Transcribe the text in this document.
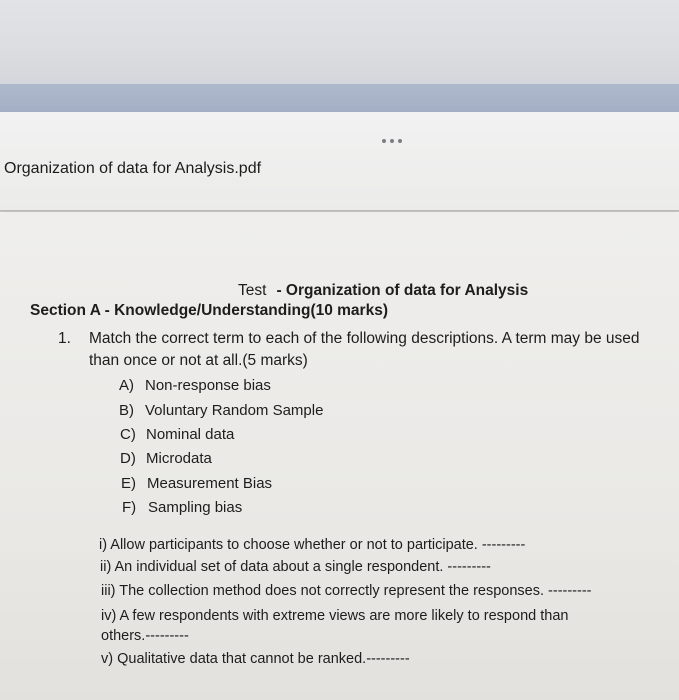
Organization of data for Analysis.pdf
Test - Organization of data for Analysis
Section A - Knowledge/Understanding(10 marks)
1. Match the correct term to each of the following descriptions. A term may be used
than once or not at all.(5 marks)
A) Non-response bias
B) Voluntary Random Sample
C) Nominal data
D) Microdata
E) Measurement Bias
F) Sampling bias
i) Allow participants to choose whether or not to participate. ---------
ii) An individual set of data about a single respondent. ---------
iii) The collection method does not correctly represent the responses. ---------
iv) A few respondents with extreme views are more likely to respond than
others.---------
v) Qualitative data that cannot be ranked.---------
